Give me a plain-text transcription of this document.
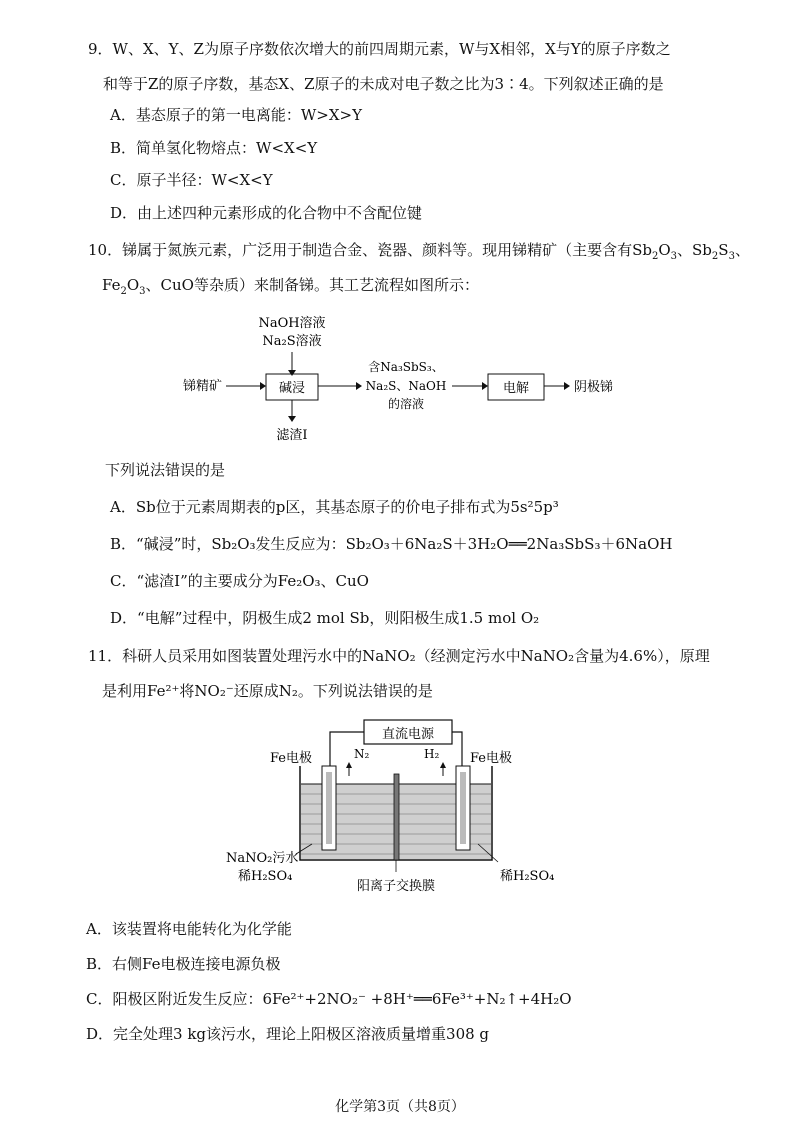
9．W、X、Y、Z为原子序数依次增大的前四周期元素，W与X相邻，X与Y的原子序数之
和等于Z的原子序数，基态X、Z原子的未成对电子数之比为3∶4。下列叙述正确的是
A．基态原子的第一电离能：W>X>Y
B．简单氢化物熔点：W<X<Y
C．原子半径：W<X<Y
D．由上述四种元素形成的化合物中不含配位键
10．锑属于氮族元素，广泛用于制造合金、瓷器、颜料等。现用锑精矿（主要含有$Sb_2O_3$、$Sb_2S_3$、
$Fe_2O_3$、CuO等杂质）来制备锑。其工艺流程如图所示：
NaOH溶液
Na₂S溶液
锑精矿	碱浸
含Na₃SbS₃、
Na₂S、NaOH
的溶液
电解	阴极锑
滤渣I
下列说法错误的是
A．Sb位于元素周期表的p区，其基态原子的价电子排布式为5s²5p³
B．“碱浸”时，Sb₂O₃发生反应为：Sb₂O₃＋6Na₂S＋3H₂O══2Na₃SbS₃＋6NaOH
C．“滤渣I”的主要成分为Fe₂O₃、CuO
D．“电解”过程中，阴极生成2 mol Sb，则阳极生成1.5 mol O₂
11．科研人员采用如图装置处理污水中的NaNO₂（经测定污水中NaNO₂含量为4.6%），原理
是利用Fe²⁺将NO₂⁻还原成N₂。下列说法错误的是
直流电源
Fe电极	Fe电极
N₂	H₂
NaNO₂污水
稀H₂SO₄	稀H₂SO₄
阳离子交换膜
A．该装置将电能转化为化学能
B．右侧Fe电极连接电源负极
C．阳极区附近发生反应：6Fe²⁺+2NO₂⁻ +8H⁺══6Fe³⁺+N₂↑+4H₂O
D．完全处理3 kg该污水，理论上阳极区溶液质量增重308 g
化学第3页（共8页）
